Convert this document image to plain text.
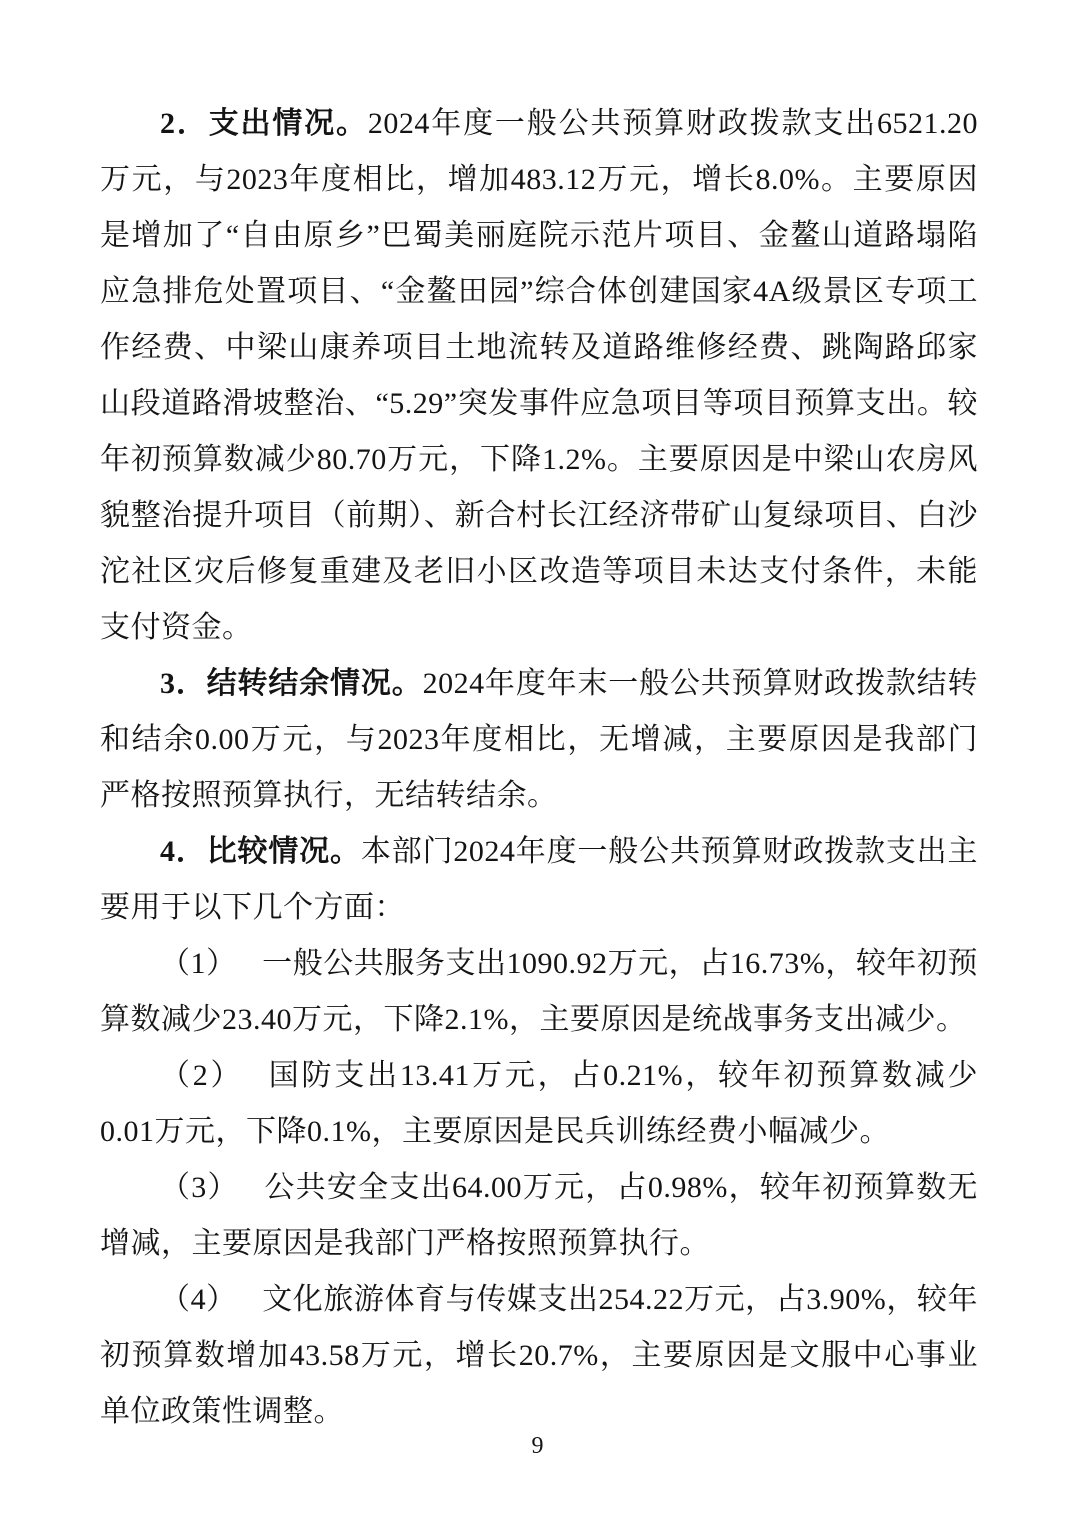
2．支出情况。2024年度一般公共预算财政拨款支出6521.20万元，与2023年度相比，增加483.12万元，增长8.0%。主要原因是增加了“自由原乡”巴蜀美丽庭院示范片项目、金鳌山道路塌陷应急排危处置项目、“金鳌田园”综合体创建国家4A级景区专项工作经费、中梁山康养项目土地流转及道路维修经费、跳陶路邱家山段道路滑坡整治、“5.29”突发事件应急项目等项目预算支出。较年初预算数减少80.70万元，下降1.2%。主要原因是中梁山农房风貌整治提升项目（前期）、新合村长江经济带矿山复绿项目、白沙沱社区灾后修复重建及老旧小区改造等项目未达支付条件，未能支付资金。

3．结转结余情况。2024年度年末一般公共预算财政拨款结转和结余0.00万元，与2023年度相比，无增减，主要原因是我部门严格按照预算执行，无结转结余。

4．比较情况。本部门2024年度一般公共预算财政拨款支出主要用于以下几个方面：

（1） 一般公共服务支出1090.92万元，占16.73%，较年初预算数减少23.40万元，下降2.1%，主要原因是统战事务支出减少。

（2） 国防支出13.41万元，占0.21%，较年初预算数减少0.01万元，下降0.1%，主要原因是民兵训练经费小幅减少。

（3） 公共安全支出64.00万元，占0.98%，较年初预算数无增减，主要原因是我部门严格按照预算执行。

（4） 文化旅游体育与传媒支出254.22万元，占3.90%，较年初预算数增加43.58万元，增长20.7%，主要原因是文服中心事业单位政策性调整。

9
